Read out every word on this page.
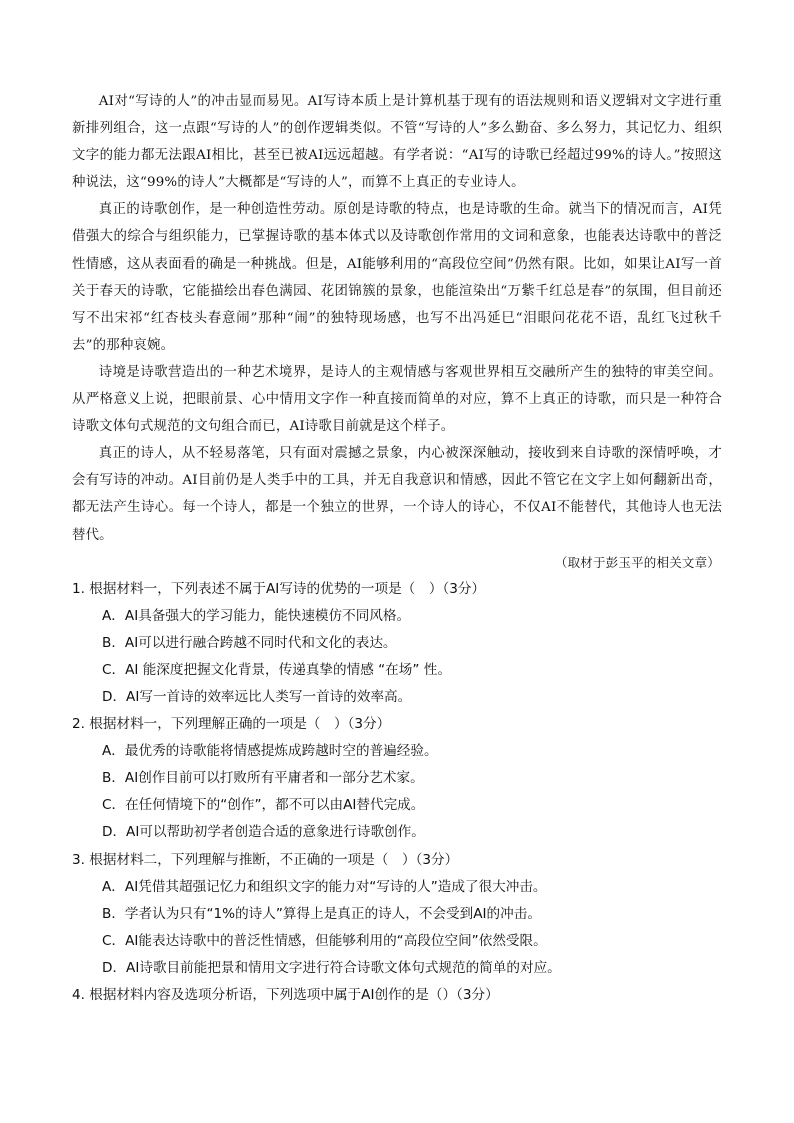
AI对“写诗的人”的冲击显而易见。AI写诗本质上是计算机基于现有的语法规则和语义逻辑对文字进行重新排列组合，这一点跟“写诗的人”的创作逻辑类似。不管“写诗的人”多么勤奋、多么努力，其记忆力、组织文字的能力都无法跟AI相比，甚至已被AI远远超越。有学者说：“AI写的诗歌已经超过99%的诗人。”按照这种说法，这“99%的诗人”大概都是“写诗的人”，而算不上真正的专业诗人。

真正的诗歌创作，是一种创造性劳动。原创是诗歌的特点，也是诗歌的生命。就当下的情况而言，AI凭借强大的综合与组织能力，已掌握诗歌的基本体式以及诗歌创作常用的文词和意象，也能表达诗歌中的普泛性情感，这从表面看的确是一种挑战。但是，AI能够利用的“高段位空间”仍然有限。比如，如果让AI写一首关于春天的诗歌，它能描绘出春色满园、花团锦簇的景象，也能渲染出“万紫千红总是春”的氛围，但目前还写不出宋祁“红杏枝头春意闹”那种“闹”的独特现场感，也写不出冯延巳“泪眼问花花不语，乱红飞过秋千去”的那种哀婉。

诗境是诗歌营造出的一种艺术境界，是诗人的主观情感与客观世界相互交融所产生的独特的审美空间。从严格意义上说，把眼前景、心中情用文字作一种直接而简单的对应，算不上真正的诗歌，而只是一种符合诗歌文体句式规范的文句组合而已，AI诗歌目前就是这个样子。

真正的诗人，从不轻易落笔，只有面对震撼之景象，内心被深深触动，接收到来自诗歌的深情呼唤，才会有写诗的冲动。AI目前仍是人类手中的工具，并无自我意识和情感，因此不管它在文字上如何翻新出奇，都无法产生诗心。每一个诗人，都是一个独立的世界，一个诗人的诗心，不仅AI不能替代，其他诗人也无法替代。

（取材于彭玉平的相关文章）

1. 根据材料一，下列表述不属于AI写诗的优势的一项是（　）（3分）

A．AI具备强大的学习能力，能快速模仿不同风格。
B．AI可以进行融合跨越不同时代和文化的表达。
C．AI 能深度把握文化背景，传递真挚的情感 “在场” 性。
D．AI写一首诗的效率远比人类写一首诗的效率高。

2. 根据材料一，下列理解正确的一项是（　）（3分）

A．最优秀的诗歌能将情感提炼成跨越时空的普遍经验。
B．AI创作目前可以打败所有平庸者和一部分艺术家。
C．在任何情境下的“创作”，都不可以由AI替代完成。
D．AI可以帮助初学者创造合适的意象进行诗歌创作。

3. 根据材料二，下列理解与推断，不正确的一项是（　）（3分）

A．AI凭借其超强记忆力和组织文字的能力对“写诗的人”造成了很大冲击。
B．学者认为只有“1%的诗人”算得上是真正的诗人，不会受到AI的冲击。
C．AI能表达诗歌中的普泛性情感，但能够利用的“高段位空间”依然受限。
D．AI诗歌目前能把景和情用文字进行符合诗歌文体句式规范的简单的对应。

4. 根据材料内容及选项分析语，下列选项中属于AI创作的是（）（3分）
